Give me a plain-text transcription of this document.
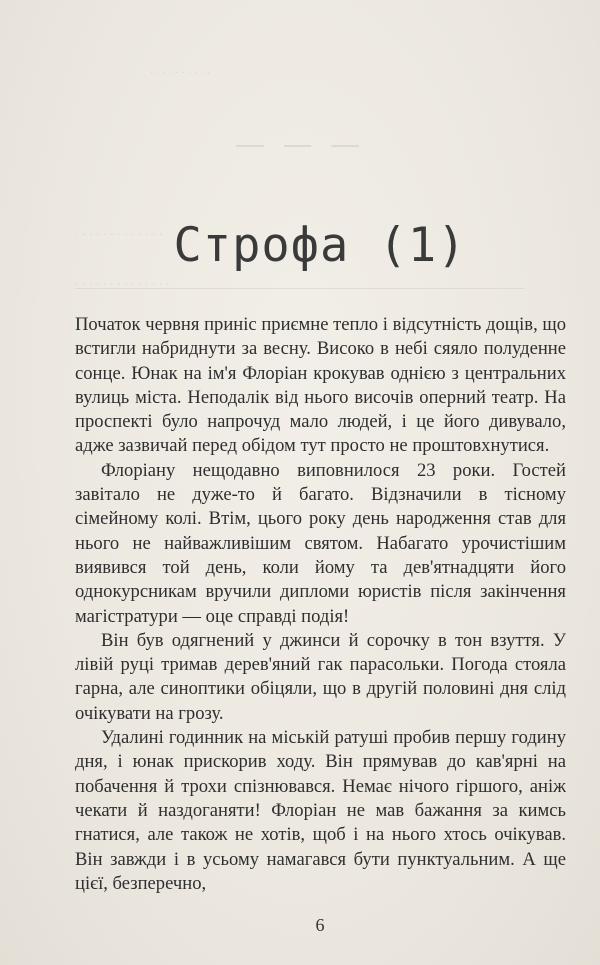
· · · · · · · · · ·
— — —
· · · · · · · · · · · · ·
· · · · · · · · · · · · · ·
Строфа (1)

Початок червня приніс приємне тепло і відсутність дощів, що встигли набриднути за весну. Високо в небі сяяло полуденне сонце. Юнак на ім'я Флоріан крокував однією з центральних вулиць міста. Неподалік від нього височів оперний театр. На проспекті було напрочуд мало людей, і це його дивувало, адже зазвичай перед обідом тут просто не проштовхнутися.

Флоріану нещодавно виповнилося 23 роки. Гостей завітало не дуже-то й багато. Відзначили в тісному сімейному колі. Втім, цього року день народження став для нього не найважливішим святом. Набагато урочистішим виявився той день, коли йому та дев'ятнадцяти його однокурсникам вручили дипломи юристів після закінчення магістратури — оце справді подія!

Він був одягнений у джинси й сорочку в тон взуття. У лівій руці тримав дерев'яний гак парасольки. Погода стояла гарна, але синоптики обіцяли, що в другій половині дня слід очікувати на грозу.

Удалині годинник на міській ратуші пробив першу годину дня, і юнак прискорив ходу. Він прямував до кав'ярні на побачення й трохи спізнювався. Немає нічого гіршого, аніж чекати й наздоганяти! Флоріан не мав бажання за кимсь гнатися, але також не хотів, щоб і на нього хтось очікував. Він завжди і в усьому намагався бути пунктуальним. А ще цієї, безперечно,

6
